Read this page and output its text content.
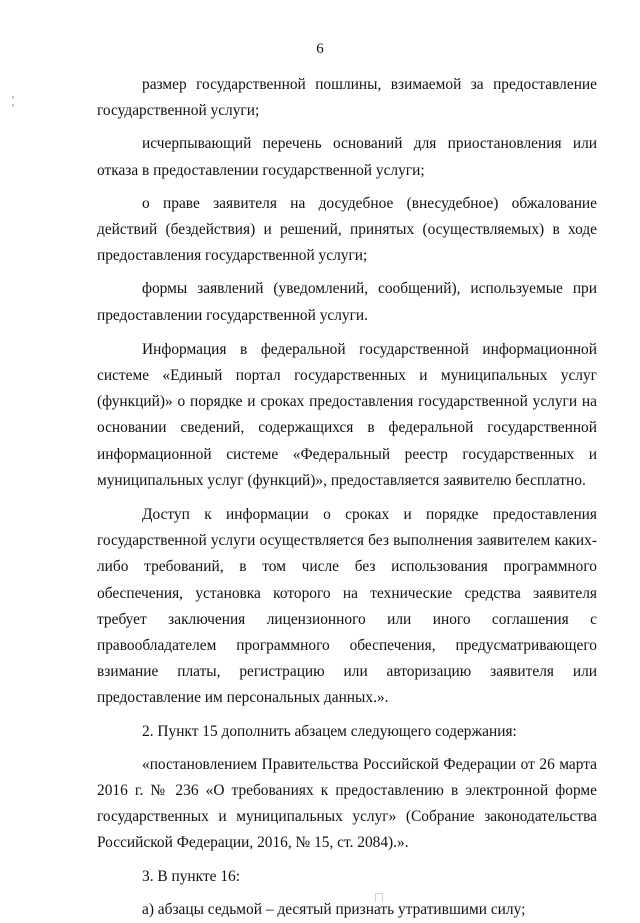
6

размер государственной пошлины, взимаемой за предоставление государственной услуги;

исчерпывающий перечень оснований для приостановления или отказа в предоставлении государственной услуги;

о праве заявителя на досудебное (внесудебное) обжалование действий (бездействия) и решений, принятых (осуществляемых) в ходе предоставления государственной услуги;

формы заявлений (уведомлений, сообщений), используемые при предоставлении государственной услуги.

Информация в федеральной государственной информационной системе «Единый портал государственных и муниципальных услуг (функций)» о порядке и сроках предоставления государственной услуги на основании сведений, содержащихся в федеральной государственной информационной системе «Федеральный реестр государственных и муниципальных услуг (функций)», предоставляется заявителю бесплатно.

Доступ к информации о сроках и порядке предоставления государственной услуги осуществляется без выполнения заявителем каких-либо требований, в том числе без использования программного обеспечения, установка которого на технические средства заявителя требует заключения лицензионного или иного соглашения с правообладателем программного обеспечения, предусматривающего взимание платы, регистрацию или авторизацию заявителя или предоставление им персональных данных.».

2. Пункт 15 дополнить абзацем следующего содержания:

«постановлением Правительства Российской Федерации от 26 марта 2016 г. № 236 «О требованиях к предоставлению в электронной форме государственных и муниципальных услуг» (Собрание законодательства Российской Федерации, 2016, № 15, ст. 2084).».

3. В пункте 16:

а) абзацы седьмой – десятый признать утратившими силу;
